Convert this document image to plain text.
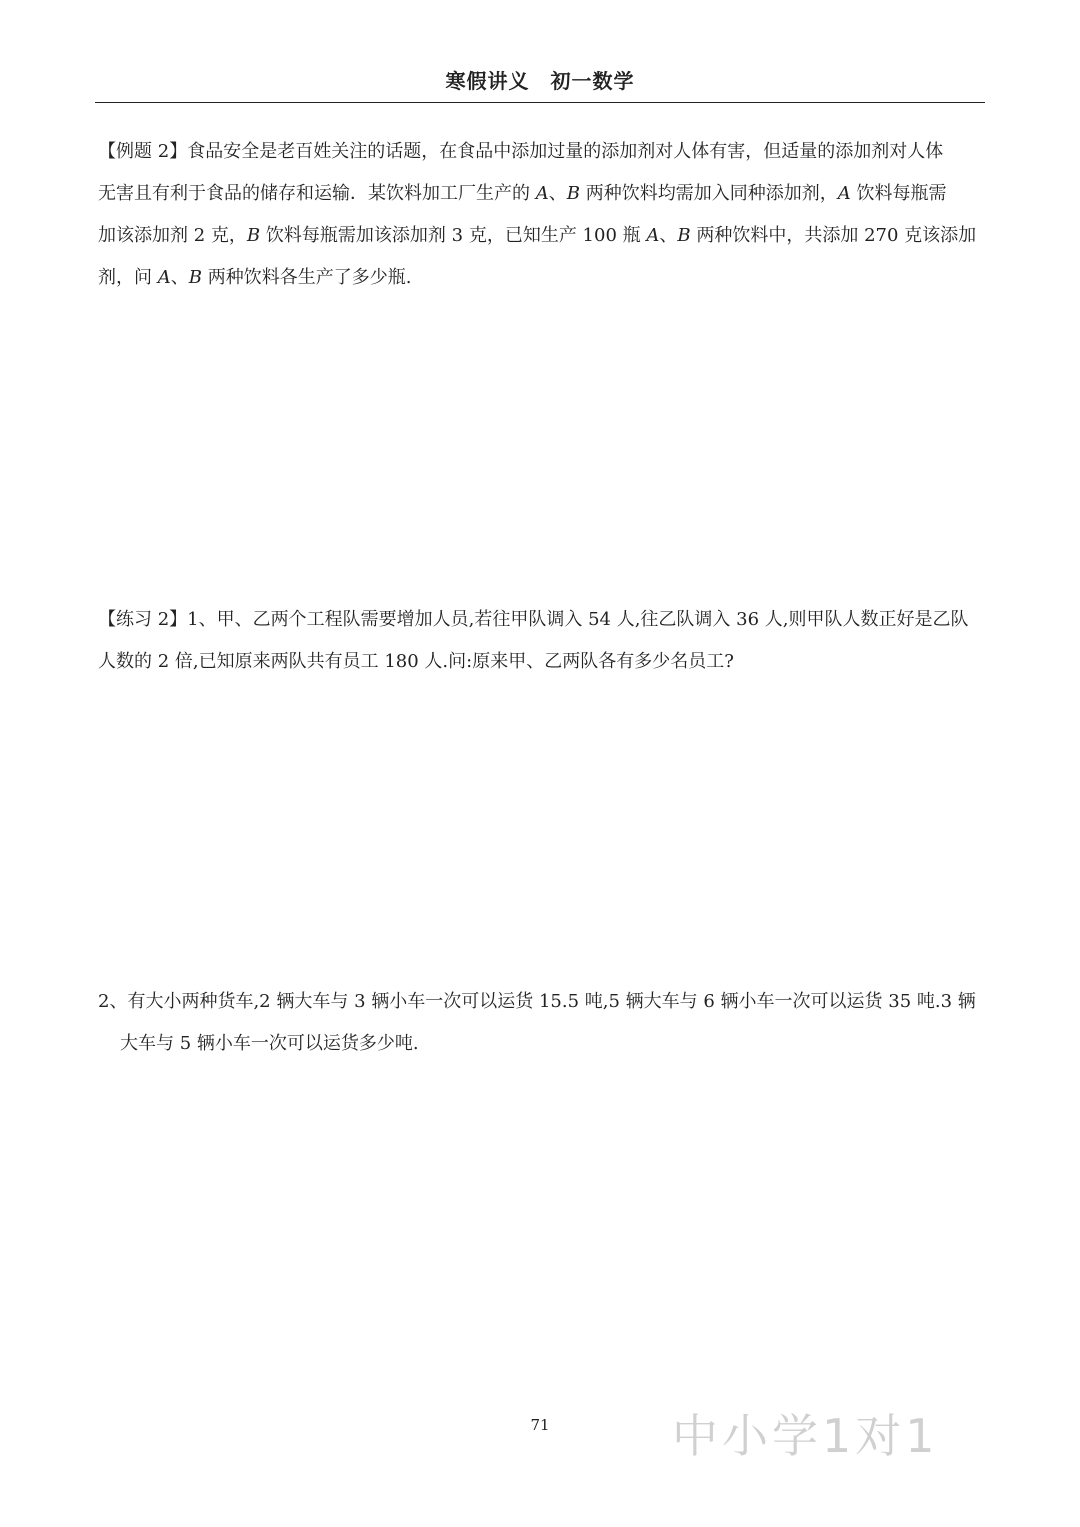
寒假讲义　初一数学
【例题 2】食品安全是老百姓关注的话题，在食品中添加过量的添加剂对人体有害，但适量的添加剂对人体
无害且有利于食品的储存和运输．某饮料加工厂生产的 A、B 两种饮料均需加入同种添加剂，A 饮料每瓶需
加该添加剂 2 克，B 饮料每瓶需加该添加剂 3 克，已知生产 100 瓶 A、B 两种饮料中，共添加 270 克该添加
剂，问 A、B 两种饮料各生产了多少瓶.
【练习 2】1、甲、乙两个工程队需要增加人员,若往甲队调入 54 人,往乙队调入 36 人,则甲队人数正好是乙队
人数的 2 倍,已知原来两队共有员工 180 人.问:原来甲、乙两队各有多少名员工?
2、有大小两种货车,2 辆大车与 3 辆小车一次可以运货 15.5 吨,5 辆大车与 6 辆小车一次可以运货 35 吨.3 辆
大车与 5 辆小车一次可以运货多少吨.
71	中小学1对1
